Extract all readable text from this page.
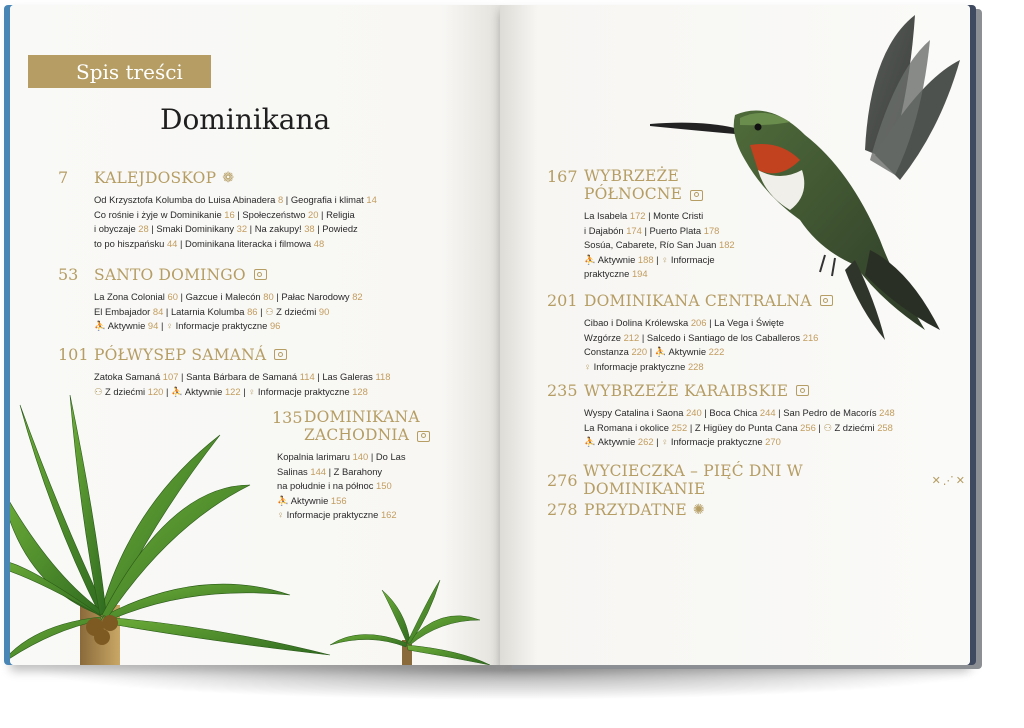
Spis treści
Dominikana
7	KALEJDOSKOP ❁
Od Krzysztofa Kolumba do Luisa Abinadera 8 | Geografia i klimat 14
Co rośnie i żyje w Dominikanie 16 | Społeczeństwo 20 | Religia
i obyczaje 28 | Smaki Dominikany 32 | Na zakupy! 38 | Powiedz
to po hiszpańsku 44 | Dominikana literacka i filmowa 48
53	SANTO DOMINGO
La Zona Colonial 60 | Gazcue i Malecón 80 | Pałac Narodowy 82
El Embajador 84 | Latarnia Kolumba 86 | ⚇ Z dziećmi 90
⛹ Aktywnie 94 | ♀ Informacje praktyczne 96
101 PÓŁWYSEP SAMANÁ
Zatoka Samaná 107 | Santa Bárbara de Samaná 114 | Las Galeras 118
⚇ Z dziećmi 120 | ⛹ Aktywnie 122 | ♀ Informacje praktyczne 128
135 DOMINIKANA
ZACHODNIA
Kopalnia larimaru 140 | Do Las
Salinas 144 | Z Barahony
na południe i na północ 150
⛹ Aktywnie 156
♀ Informacje praktyczne 162
167 WYBRZEŻE
PÓŁNOCNE
La Isabela 172 | Monte Cristi
i Dajabón 174 | Puerto Plata 178
Sosúa, Cabarete, Río San Juan 182
⛹ Aktywnie 188 | ♀ Informacje
praktyczne 194
201 DOMINIKANA CENTRALNA
Cibao i Dolina Królewska 206 | La Vega i Święte
Wzgórze 212 | Salcedo i Santiago de los Caballeros 216
Constanza 220 | ⛹ Aktywnie 222
♀ Informacje praktyczne 228
235 WYBRZEŻE KARAIBSKIE
Wyspy Catalina i Saona 240 | Boca Chica 244 | San Pedro de Macorís 248
La Romana i okolice 252 | Z Higüey do Punta Cana 256 | ⚇ Z dziećmi 258
⛹ Aktywnie 262 | ♀ Informacje praktyczne 270
276 WYCIECZKA – PIĘĆ DNI W DOMINIKANIE	✕⋰✕
278 PRZYDATNE ✺
